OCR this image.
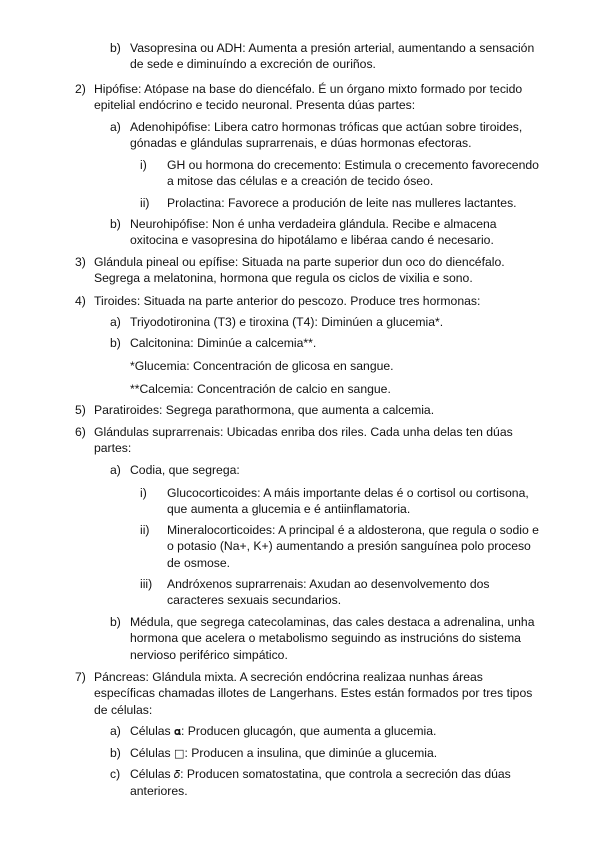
b) Vasopresina ou ADH: Aumenta a presión arterial, aumentando a sensación de sede e diminuíndo a excreción de ouriños.
2) Hipófise: Atópase na base do diencéfalo. É un órgano mixto formado por tecido epitelial endócrino e tecido neuronal. Presenta dúas partes:
a) Adenohipófise: Libera catro hormonas tróficas que actúan sobre tiroides, gónadas e glándulas suprarrenais, e dúas hormonas efectoras.
i) GH ou hormona do crecemento: Estimula o crecemento favorecendo a mitose das células e a creación de tecido óseo.
ii) Prolactina: Favorece a produción de leite nas mulleres lactantes.
b) Neurohipófise: Non é unha verdadeira glándula. Recibe e almacena oxitocina e vasopresina do hipotálamo e libéraa cando é necesario.
3) Glándula pineal ou epífise: Situada na parte superior dun oco do diencéfalo. Segrega a melatonina, hormona que regula os ciclos de vixilia e sono.
4) Tiroides: Situada na parte anterior do pescozo. Produce tres hormonas:
a) Triyodotironina (T3) e tiroxina (T4): Diminúen a glucemia*.
b) Calcitonina: Diminúe a calcemia**.
*Glucemia: Concentración de glicosa en sangue.
**Calcemia: Concentración de calcio en sangue.
5) Paratiroides: Segrega parathormona, que aumenta a calcemia.
6) Glándulas suprarrenais: Ubicadas enriba dos riles. Cada unha delas ten dúas partes:
a) Codia, que segrega:
i) Glucocorticoides: A máis importante delas é o cortisol ou cortisona, que aumenta a glucemia e é antiinflamatoria.
ii) Mineralocorticoides: A principal é a aldosterona, que regula o sodio e o potasio (Na+, K+) aumentando a presión sanguínea polo proceso de osmose.
iii) Andróxenos suprarrenais: Axudan ao desenvolvemento dos caracteres sexuais secundarios.
b) Médula, que segrega catecolaminas, das cales destaca a adrenalina, unha hormona que acelera o metabolismo seguindo as instrucións do sistema nervioso periférico simpático.
7) Páncreas: Glándula mixta. A secreción endócrina realizaa nunhas áreas específicas chamadas illotes de Langerhans. Estes están formados por tres tipos de células:
a) Células 𝛂: Producen glucagón, que aumenta a glucemia.
b) Células □: Producen a insulina, que diminúe a glucemia.
c) Células 𝛿: Producen somatostatina, que controla a secreción das dúas anteriores.
